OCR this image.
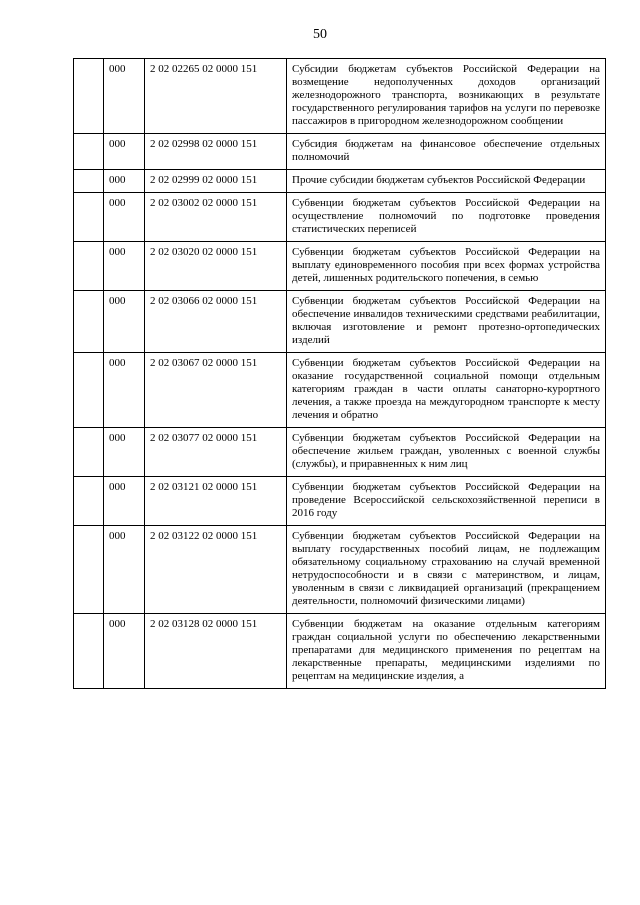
50
	000	2 02 02265 02 0000 151	Субсидии бюджетам субъектов Российской Федерации на возмещение недополученных доходов организаций железнодорожного транспорта, возникающих в результате государственного регулирования тарифов на услуги по перевозке пассажиров в пригородном железнодорожном сообщении
	000	2 02 02998 02 0000 151	Субсидия бюджетам на финансовое обеспечение отдельных полномочий
	000	2 02 02999 02 0000 151	Прочие субсидии бюджетам субъектов Российской Федерации
	000	2 02 03002 02 0000 151	Субвенции бюджетам субъектов Российской Федерации на осуществление полномочий по подготовке проведения статистических переписей
	000	2 02 03020 02 0000 151	Субвенции бюджетам субъектов Российской Федерации на выплату единовременного пособия при всех формах устройства детей, лишенных родительского попечения, в семью
	000	2 02 03066 02 0000 151	Субвенции бюджетам субъектов Российской Федерации на обеспечение инвалидов техническими средствами реабилитации, включая изготовление и ремонт протезно-ортопедических изделий
	000	2 02 03067 02 0000 151	Субвенции бюджетам субъектов Российской Федерации на оказание государственной социальной помощи отдельным категориям граждан в части оплаты санаторно-курортного лечения, а также проезда на междугородном транспорте к месту лечения и обратно
	000	2 02 03077 02 0000 151	Субвенции бюджетам субъектов Российской Федерации на обеспечение жильем граждан, уволенных с военной службы (службы), и приравненных к ним лиц
	000	2 02 03121 02 0000 151	Субвенции бюджетам субъектов Российской Федерации на проведение Всероссийской сельскохозяйственной переписи в 2016 году
	000	2 02 03122 02 0000 151	Субвенции бюджетам субъектов Российской Федерации на выплату государственных пособий лицам, не подлежащим обязательному социальному страхованию на случай временной нетрудоспособности и в связи с материнством, и лицам, уволенным в связи с ликвидацией организаций (прекращением деятельности, полномочий физическими лицами)
	000	2 02 03128 02 0000 151	Субвенции бюджетам на оказание отдельным категориям граждан социальной услуги по обеспечению лекарственными препаратами для медицинского применения по рецептам на лекарственные препараты, медицинскими изделиями по рецептам на медицинские изделия, а
